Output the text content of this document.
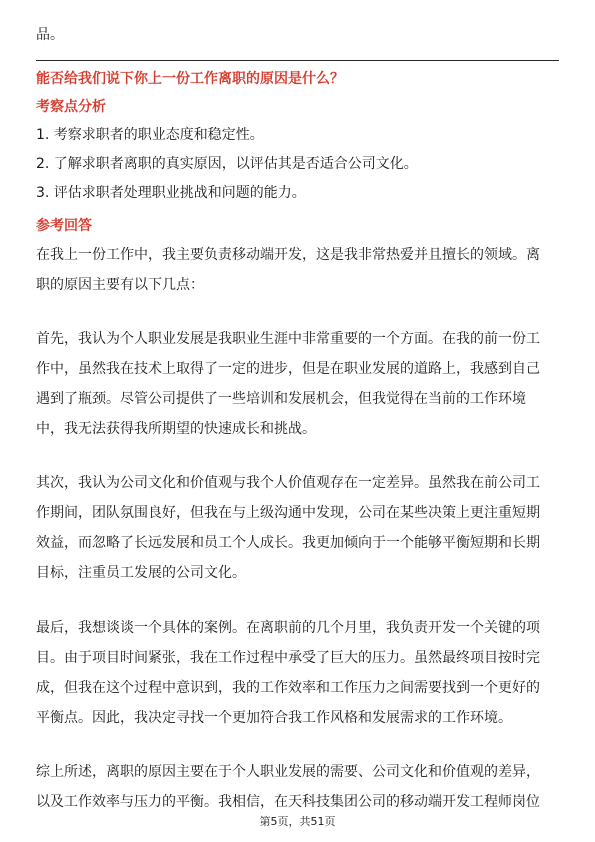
品。
能否给我们说下你上一份工作离职的原因是什么？
考察点分析
1. 考察求职者的职业态度和稳定性。
2. 了解求职者离职的真实原因，以评估其是否适合公司文化。
3. 评估求职者处理职业挑战和问题的能力。
参考回答
在我上一份工作中，我主要负责移动端开发，这是我非常热爱并且擅长的领域。离
职的原因主要有以下几点：
首先，我认为个人职业发展是我职业生涯中非常重要的一个方面。在我的前一份工
作中，虽然我在技术上取得了一定的进步，但是在职业发展的道路上，我感到自己
遇到了瓶颈。尽管公司提供了一些培训和发展机会，但我觉得在当前的工作环境
中，我无法获得我所期望的快速成长和挑战。
其次，我认为公司文化和价值观与我个人价值观存在一定差异。虽然我在前公司工
作期间，团队氛围良好，但我在与上级沟通中发现，公司在某些决策上更注重短期
效益，而忽略了长远发展和员工个人成长。我更加倾向于一个能够平衡短期和长期
目标，注重员工发展的公司文化。
最后，我想谈谈一个具体的案例。在离职前的几个月里，我负责开发一个关键的项
目。由于项目时间紧张，我在工作过程中承受了巨大的压力。虽然最终项目按时完
成，但我在这个过程中意识到，我的工作效率和工作压力之间需要找到一个更好的
平衡点。因此，我决定寻找一个更加符合我工作风格和发展需求的工作环境。
综上所述，离职的原因主要在于个人职业发展的需要、公司文化和价值观的差异，
以及工作效率与压力的平衡。我相信，在天科技集团公司的移动端开发工程师岗位
第5页，共51页
